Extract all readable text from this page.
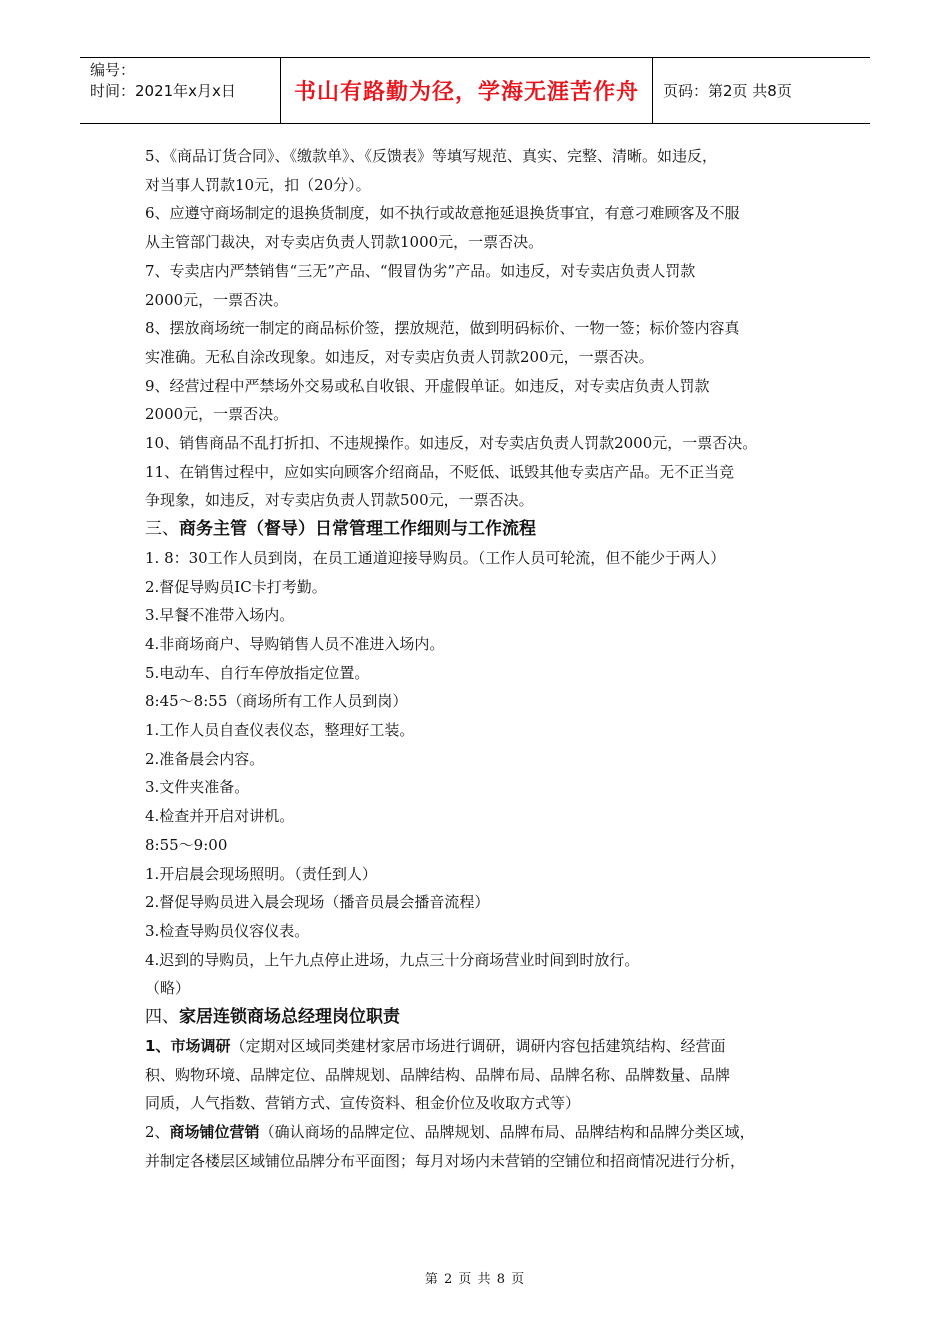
编号：
时间：2021年x月x日	书山有路勤为径，学海无涯苦作舟	页码：第2页 共8页

5、《商品订货合同》、《缴款单》、《反馈表》等填写规范、真实、完整、清晰。如违反，

对当事人罚款10元，扣（20分）。

6、应遵守商场制定的退换货制度，如不执行或故意拖延退换货事宜，有意刁难顾客及不服

从主管部门裁决，对专卖店负责人罚款1000元，一票否决。

7、专卖店内严禁销售“三无”产品、“假冒伪劣”产品。如违反，对专卖店负责人罚款

2000元，一票否决。

8、摆放商场统一制定的商品标价签，摆放规范，做到明码标价、一物一签；标价签内容真

实准确。无私自涂改现象。如违反，对专卖店负责人罚款200元，一票否决。

9、经营过程中严禁场外交易或私自收银、开虚假单证。如违反，对专卖店负责人罚款

2000元，一票否决。

10、销售商品不乱打折扣、不违规操作。如违反，对专卖店负责人罚款2000元，一票否决。

11、在销售过程中，应如实向顾客介绍商品，不贬低、诋毁其他专卖店产品。无不正当竞

争现象，如违反，对专卖店负责人罚款500元，一票否决。

三、商务主管（督导）日常管理工作细则与工作流程

1. 8：30工作人员到岗，在员工通道迎接导购员。（工作人员可轮流，但不能少于两人）

2.督促导购员IC卡打考勤。

3.早餐不准带入场内。

4.非商场商户、导购销售人员不准进入场内。

5.电动车、自行车停放指定位置。

8:45～8:55（商场所有工作人员到岗）

1.工作人员自查仪表仪态，整理好工装。

2.准备晨会内容。

3.文件夹准备。

4.检查并开启对讲机。

8:55～9:00

1.开启晨会现场照明。（责任到人）

2.督促导购员进入晨会现场（播音员晨会播音流程）

3.检查导购员仪容仪表。

4.迟到的导购员，上午九点停止进场，九点三十分商场营业时间到时放行。

（略）

四、家居连锁商场总经理岗位职责

1、市场调研（定期对区域同类建材家居市场进行调研，调研内容包括建筑结构、经营面

积、购物环境、品牌定位、品牌规划、品牌结构、品牌布局、品牌名称、品牌数量、品牌

同质，人气指数、营销方式、宣传资料、租金价位及收取方式等）

2、商场铺位营销（确认商场的品牌定位、品牌规划、品牌布局、品牌结构和品牌分类区域，

并制定各楼层区域铺位品牌分布平面图；每月对场内未营销的空铺位和招商情况进行分析，

第 2 页 共 8 页
